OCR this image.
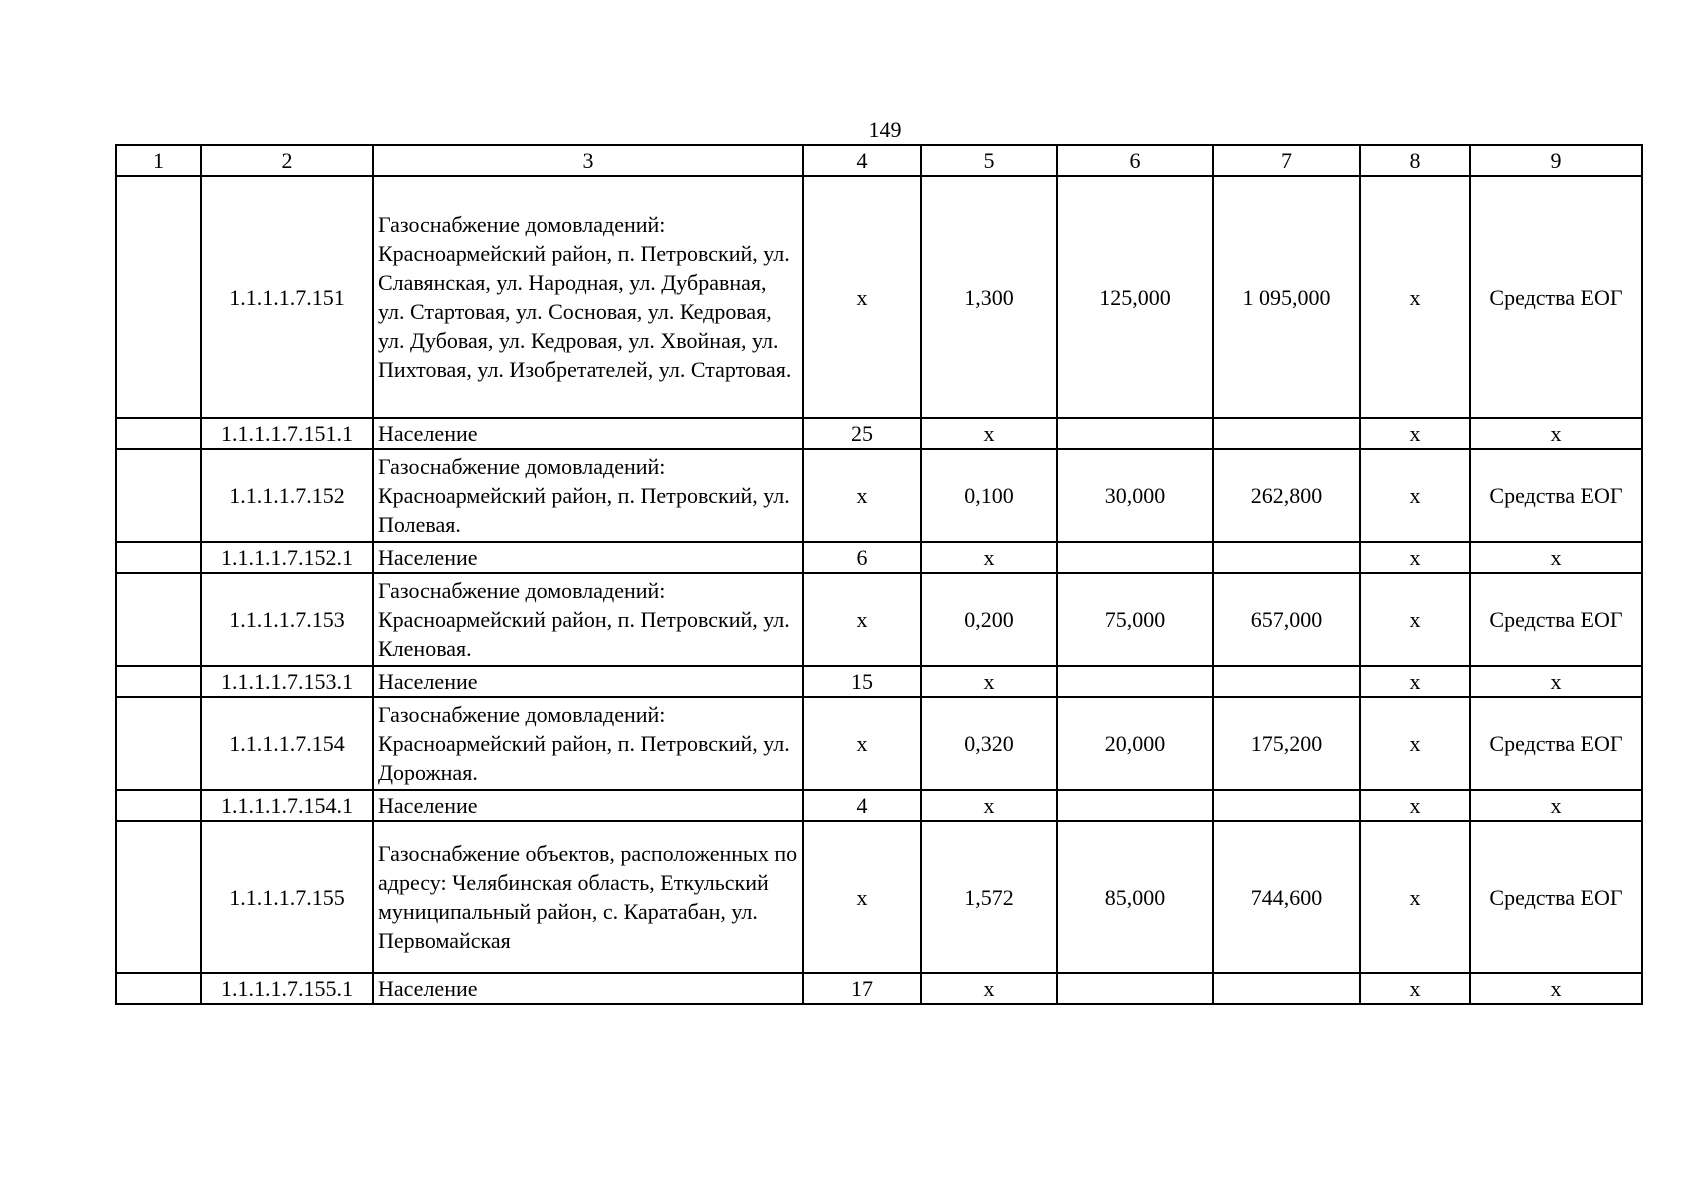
149
1	2	3	4	5	6	7	8	9
	1.1.1.1.7.151	Газоснабжение домовладений: Красноармейский район, п. Петровский, ул. Славянская, ул. Народная, ул. Дубравная, ул. Стартовая, ул. Сосновая, ул. Кедровая, ул. Дубовая, ул. Кедровая, ул. Хвойная, ул. Пихтовая, ул. Изобретателей, ул. Стартовая.	х	1,300	125,000	1 095,000	х	Средства ЕОГ
	1.1.1.1.7.151.1	Население	25	х			х	х
	1.1.1.1.7.152	Газоснабжение домовладений: Красноармейский район, п. Петровский, ул. Полевая.	х	0,100	30,000	262,800	х	Средства ЕОГ
	1.1.1.1.7.152.1	Население	6	х			х	х
	1.1.1.1.7.153	Газоснабжение домовладений: Красноармейский район, п. Петровский, ул. Кленовая.	х	0,200	75,000	657,000	х	Средства ЕОГ
	1.1.1.1.7.153.1	Население	15	х			х	х
	1.1.1.1.7.154	Газоснабжение домовладений: Красноармейский район, п. Петровский, ул. Дорожная.	х	0,320	20,000	175,200	х	Средства ЕОГ
	1.1.1.1.7.154.1	Население	4	х			х	х
	1.1.1.1.7.155	Газоснабжение объектов, расположенных по адресу: Челябинская область, Еткульский муниципальный район, с. Каратабан, ул. Первомайская	х	1,572	85,000	744,600	х	Средства ЕОГ
	1.1.1.1.7.155.1	Население	17	х			х	х
